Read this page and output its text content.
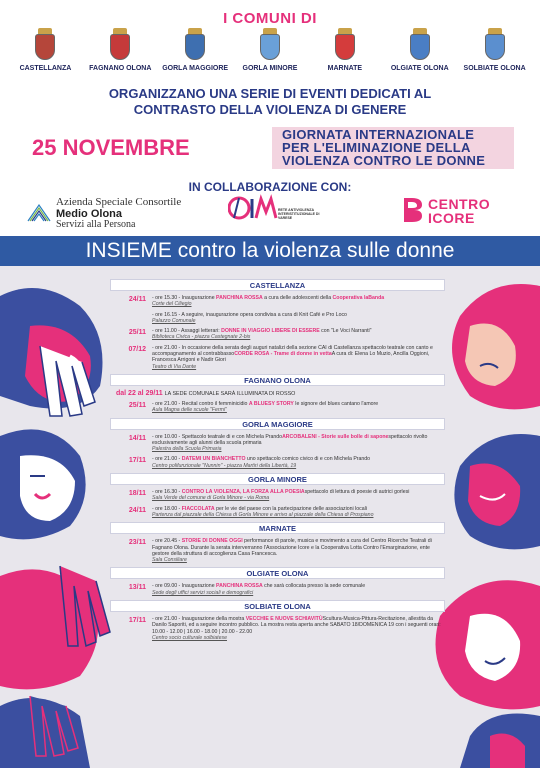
I COMUNI DI
CASTELLANZA	FAGNANO OLONA GORLA MAGGIORE GORLA MINORE	MARNATE	OLGIATE OLONA SOLBIATE OLONA
ORGANIZZANO UNA SERIE DI EVENTI DEDICATI AL
CONTRASTO DELLA VIOLENZA DI GENERE
25 NOVEMBRE
GIORNATA INTERNAZIONALE
PER L'ELIMINAZIONE DELLA
VIOLENZA CONTRO LE DONNE
IN COLLABORAZIONE CON:
Azienda Speciale Consortile
Medio Olona
Servizi alla Persona
RETE ANTIVIOLENZA INTERISTITUZIONALE DI VARESE
CENTRO
ICORE
INSIEME contro la violenza sulle donne
CASTELLANZA
24/11	- ore 15.30 - Inaugurazione PANCHINA ROSSA a cura delle adolescenti della Cooperativa laBanda
Corte del Ciliegio
- ore 16.15 - A seguire, inaugurazione opera condivisa a cura di Knit Café e Pro Loco
Palazzo Comunale
25/11	- ore 11.00 - Assaggi letterari: DONNE IN VIAGGIO LIBERE DI ESSERE con "Le Voci Narranti"
Biblioteca Civica - piazza Castegnate 2-bis
07/12	- ore 21.00 - In occasione della serata degli auguri natalizi della sezione CAI di Castellanza spettacolo teatrale con canto e accompagnamento al contrabbassoCORDE ROSA - Trame di donne in vettaA cura di: Elena Lo Muzio, Ancilla Oggioni, Francesca Arrigoni e Nadir Giori
Teatro di Via Dante
FAGNANO OLONA
dal 22 al 29/11 LA SEDE COMUNALE SARÀ ILLUMINATA DI ROSSO
25/11	- ore 21.00 - Recital contro il femminicidio A BLUESY STORY le signore del blues cantano l'amore
Aula Magna delle scuole "Fermi"
GORLA MAGGIORE
14/11	- ore 10.00 - Spettacolo teatrale di e con Michela PrandoARCOBALENI - Storie sulle bolle di saponespettacolo rivolto esclusivamente agli alunni della scuola primaria
Palestra della Scuola Primaria
17/11	- ore 21.00 - DATEMI UN BIANCHETTO uno spettacolo comico civico di e con Michela Prando
Centro polifunzionale "Nunnin" - piazza Martiri della Libertà, 19
GORLA MINORE
18/11	- ore 16.30 - CONTRO LA VIOLENZA, LA FORZA ALLA POESIAspettacolo di lettura di poesie di autrici gorlesi
Sala Verde del comune di Gorla Minore - via Roma
24/11	- ore 18.00 - FIACCOLATA per le vie del paese con la partecipazione delle associazioni locali
Partenza dal piazzale della Chiesa di Gorla Minore e arrivo al piazzale della Chiesa di Prospiano
MARNATE
23/11	- ore 20.45 - STORIE DI DONNE OGGI performance di parole, musica e movimento a cura del Centro Ricerche Teatrali di Fagnano Olona. Durante la serata interverranno l'Associazione Icore e la Cooperativa Lotta Contro l'Emarginazione, ente gestore della struttura di accoglienza Casa Francesca.
Sala Consiliare
OLGIATE OLONA
13/11	- ore 09.00 - Inaugurazione PANCHINA ROSSA che sarà collocata presso la sede comunale
Sede degli uffici servizi sociali e demografici
SOLBIATE OLONA
17/11	- ore 21.00 - Inaugurazione della mostra VECCHIE E NUOVE SCHIAVITÙScultura-Musica-Pittura-Recitazione, allestita da Danilo Saporiti, ed a seguire incontro pubblico. La mostra resta aperta anche SABATO 18/DOMENICA 19 con i seguenti orari: 10.00 - 12.00 | 16.00 - 18.00 | 20.00 - 22.00
Centro socio culturale solbiatese
